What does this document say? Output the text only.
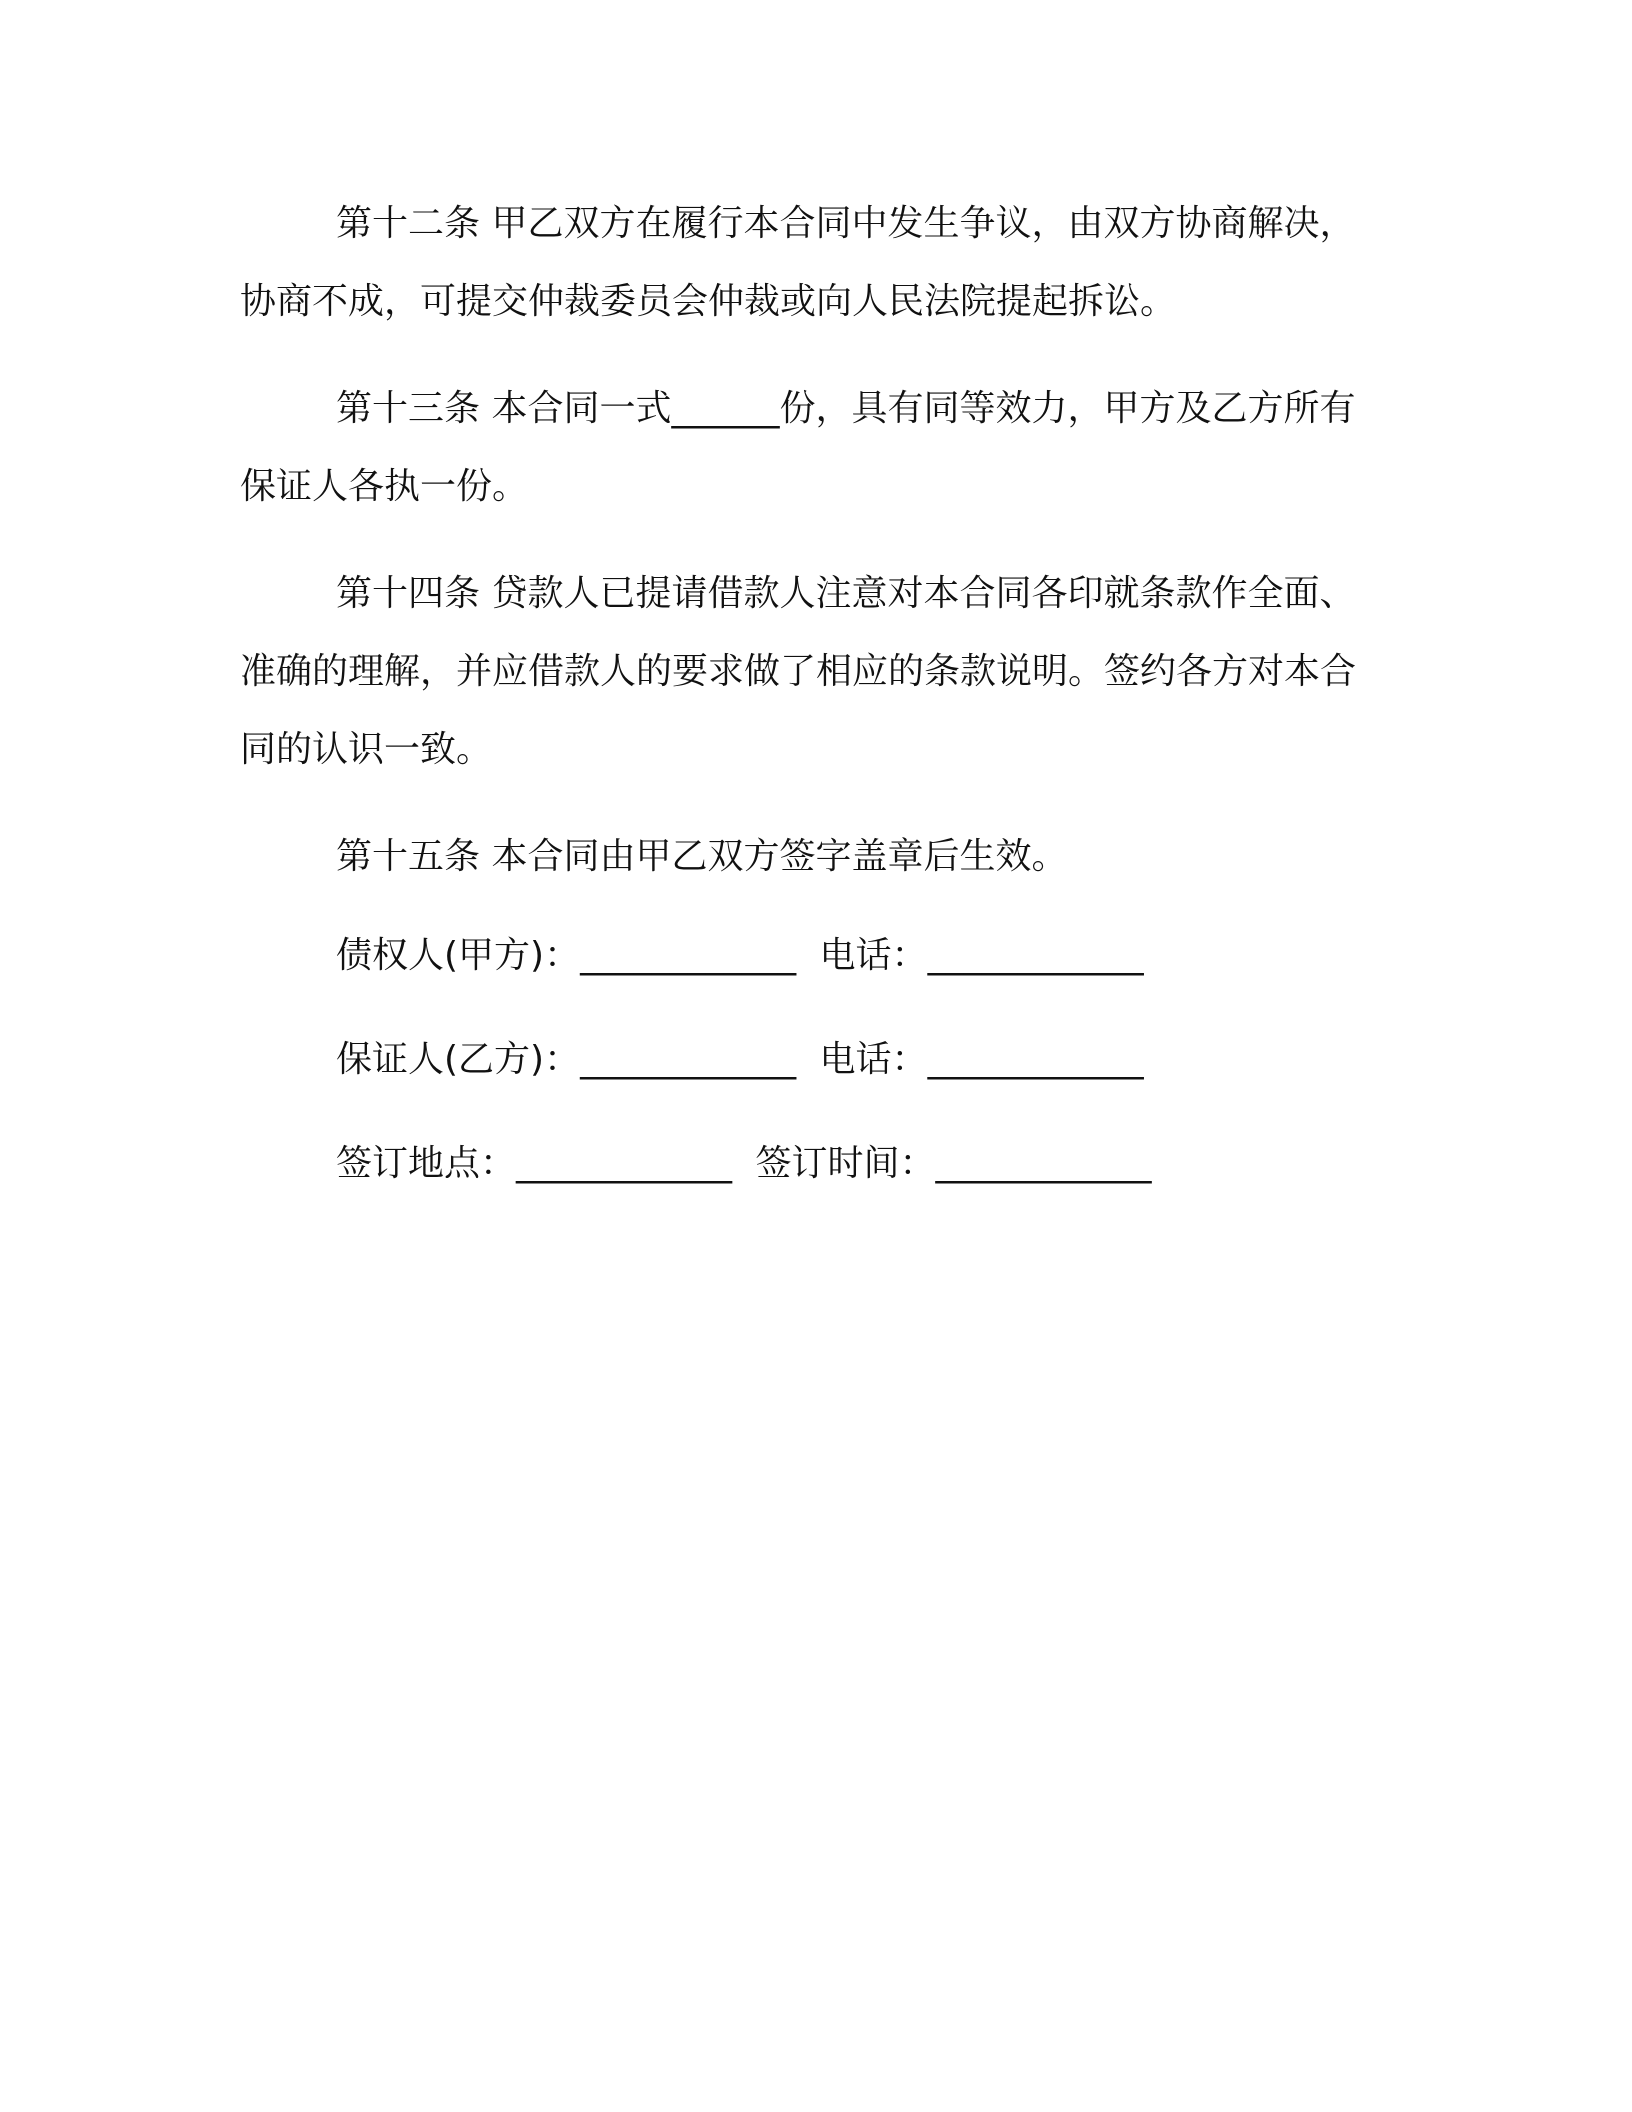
第十二条 甲乙双方在履行本合同中发生争议，由双方协商解决，协商不成，可提交仲裁委员会仲裁或向人民法院提起拆讼。

第十三条 本合同一式______份，具有同等效力，甲方及乙方所有保证人各执一份。

第十四条 贷款人已提请借款人注意对本合同各印就条款作全面、准确的理解，并应借款人的要求做了相应的条款说明。签约各方对本合同的认识一致。

第十五条 本合同由甲乙双方签字盖章后生效。

债权人(甲方)：____________ 电话：____________
保证人(乙方)：____________ 电话：____________
签订地点：____________ 签订时间：____________
